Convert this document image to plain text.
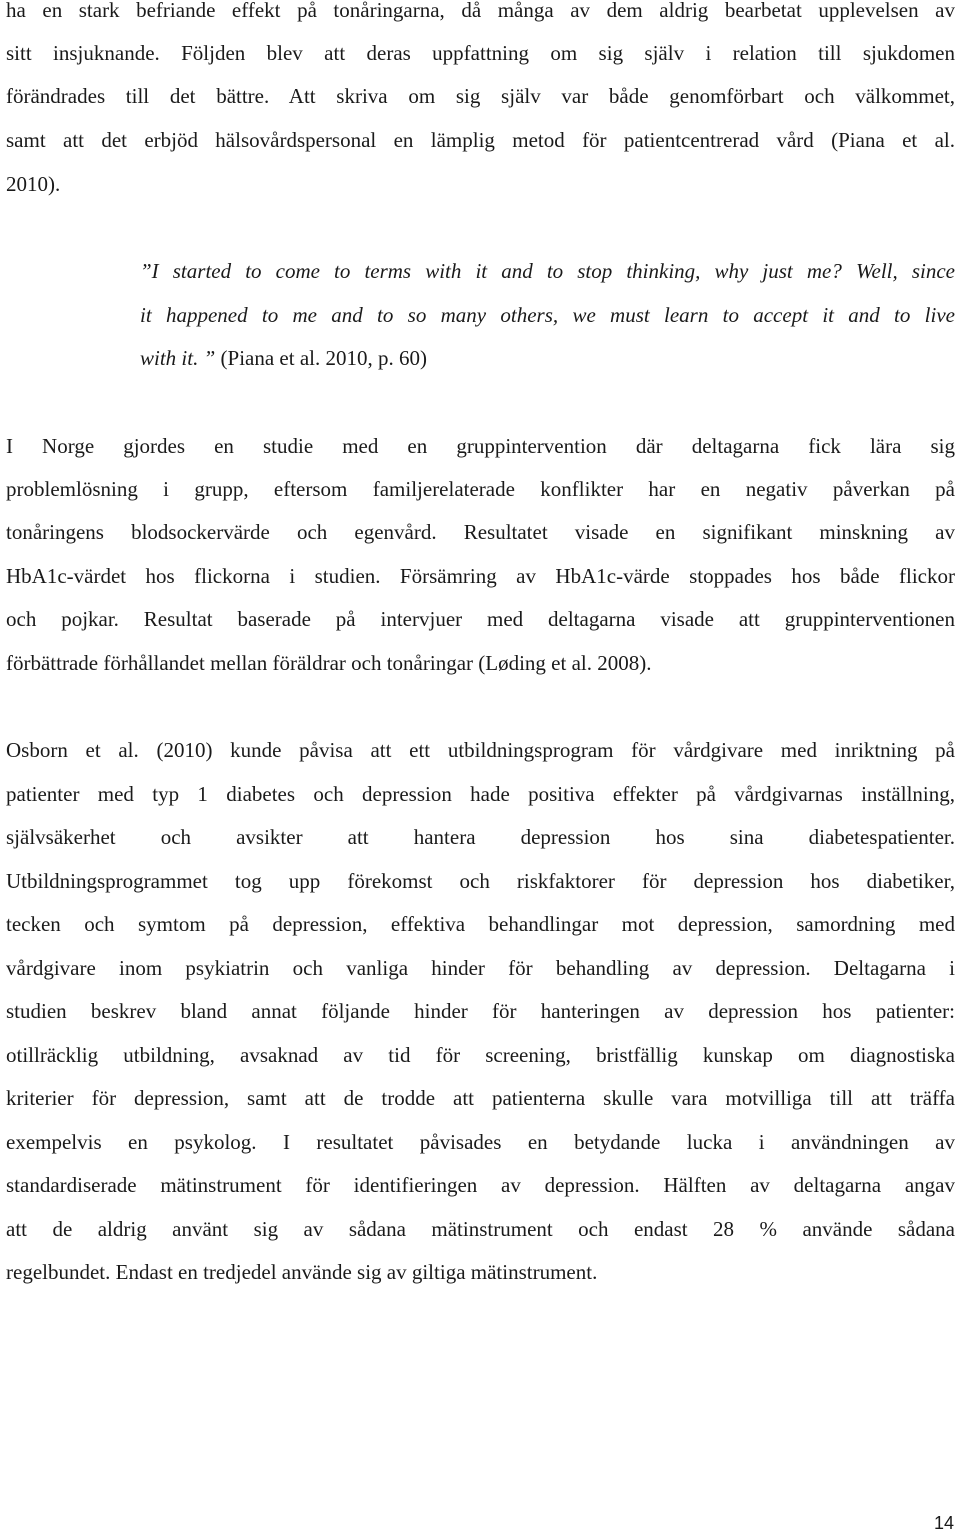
ha en stark befriande effekt på tonåringarna, då många av dem aldrig bearbetat upplevelsen av

sitt insjuknande. Följden blev att deras uppfattning om sig själv i relation till sjukdomen

förändrades till det bättre. Att skriva om sig själv var både genomförbart och välkommet,

samt att det erbjöd hälsovårdspersonal en lämplig metod för patientcentrerad vård (Piana et al.

2010).

”I started to come to terms with it and to stop thinking, why just me? Well, since

it happened to me and to so many others, we must learn to accept it and to live

with it. ” (Piana et al. 2010, p. 60)

I Norge gjordes en studie med en gruppintervention där deltagarna fick lära sig

problemlösning i grupp, eftersom familjerelaterade konflikter har en negativ påverkan på

tonåringens blodsockervärde och egenvård. Resultatet visade en signifikant minskning av

HbA1c-värdet hos flickorna i studien. Försämring av HbA1c-värde stoppades hos både flickor

och pojkar. Resultat baserade på intervjuer med deltagarna visade att gruppinterventionen

förbättrade förhållandet mellan föräldrar och tonåringar (Løding et al. 2008).

Osborn et al. (2010) kunde påvisa att ett utbildningsprogram för vårdgivare med inriktning på

patienter med typ 1 diabetes och depression hade positiva effekter på vårdgivarnas inställning,

självsäkerhet och avsikter att hantera depression hos sina diabetespatienter.

Utbildningsprogrammet tog upp förekomst och riskfaktorer för depression hos diabetiker,

tecken och symtom på depression, effektiva behandlingar mot depression, samordning med

vårdgivare inom psykiatrin och vanliga hinder för behandling av depression. Deltagarna i

studien beskrev bland annat följande hinder för hanteringen av depression hos patienter:

otillräcklig utbildning, avsaknad av tid för screening, bristfällig kunskap om diagnostiska

kriterier för depression, samt att de trodde att patienterna skulle vara motvilliga till att träffa

exempelvis en psykolog. I resultatet påvisades en betydande lucka i användningen av

standardiserade mätinstrument för identifieringen av depression. Hälften av deltagarna angav

att de aldrig använt sig av sådana mätinstrument och endast 28 % använde sådana

regelbundet. Endast en tredjedel använde sig av giltiga mätinstrument.

14
